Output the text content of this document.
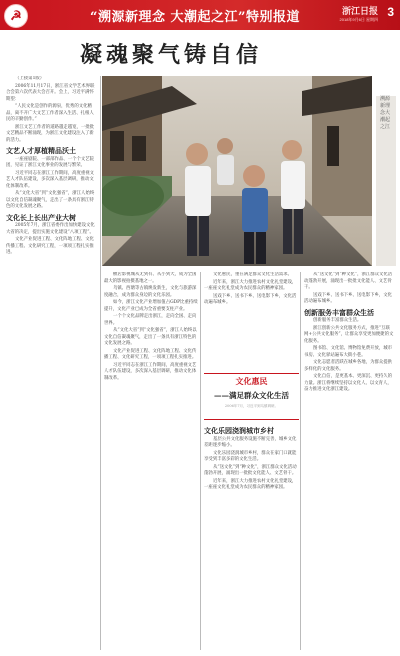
☭	“溯源新理念 大潮起之江”特别报道	浙江日报
2018年9月6日 星期四
3
凝魂聚气铸自信
溯源新理念大潮起之江

（上接第1版）

2006年11月17日，浙江省文学艺术界联合会第六次代表大会召开。会上，习近平满怀期望：

“人民文化是创作的源泉，优秀的文化精品，离不开广大文艺工作者深入生活、扎根人民的辛勤创作。”

浙江文艺工作者的道路越走越宽，一批批文艺精品不断涌现，为浙江文化建设注入了新的活力。

文艺人才厚植精品沃土

一座座剧院、一部部作品、一个个文艺院团，见证了浙江文化事业的发展与繁荣。

习近平同志在浙江工作期间，高度重视文艺人才队伍建设，多次深入基层调研，推动文化体制改革。

从“文化大省”到“文化强省”，浙江人始终以文化自信凝魂聚气，走出了一条具有浙江特色的文化发展之路。

文化长上长出产业大树

2005年7月，浙江省委作出加快建设文化大省的决定，提出实施文化建设“八项工程”。

文化产业促进工程、文化阵地工程、文化传播工程、文化研究工程，一项项工程扎实推进。

横店影视城从无到有、从小到大，成为全国最大的影视拍摄基地之一。

乌镇、西塘等古镇焕发新生，文化与旅游深度融合，成为群众身边的文化乐园。

如今，浙江文化产业增加值占GDP比重持续提升，文化产业已成为全省重要支柱产业。

一个个文化品牌走出浙江，走向全国、走向世界。

从“文化大省”到“文化强省”，浙江人始终以文化自信凝魂聚气，走出了一条具有浙江特色的文化发展之路。

文化产业促进工程、文化阵地工程、文化传播工程、文化研究工程，一项项工程扎实推进。

习近平同志在浙江工作期间，高度重视文艺人才队伍建设，多次深入基层调研，推动文化体制改革。

文化惠民，重在满足群众文化生活需求。

近年来，浙江大力推进农村文化礼堂建设，一座座文化礼堂成为农民群众的精神家园。

送戏下乡、送书下乡、送电影下乡，文化活动遍布城乡。

文化惠民
——满足群众文化生活
2006年7月，习近平到乌镇调研。
文化乐园浇润城市乡村

基层公共文化服务设施不断完善，城乡文化差距逐步缩小。

文化乐园浇润城市乡村，群众在家门口就能享受到丰富多彩的文化生活。

从“送文化”到“种文化”，浙江群众文化活动蓬勃开展，涌现出一批批文化能人、文艺骨干。

近年来，浙江大力推进农村文化礼堂建设，一座座文化礼堂成为农民群众的精神家园。

从“送文化”到“种文化”，浙江群众文化活动蓬勃开展，涌现出一批批文化能人、文艺骨干。

送戏下乡、送书下乡、送电影下乡，文化活动遍布城乡。

创新服务丰富群众生活

创新服务丰富群众生活。

浙江创新公共文化服务方式，推进“互联网+公共文化服务”，让群众享受更加便捷的文化服务。

图书馆、文化馆、博物馆免费开放，城市书房、文化驿站遍布大街小巷。

文化志愿者活跃在城乡各地，为群众提供多样化的文化服务。

文化自信，是更基本、更深沉、更持久的力量。浙江将继续坚持以文化人、以文育人，奋力推进文化浙江建设。
